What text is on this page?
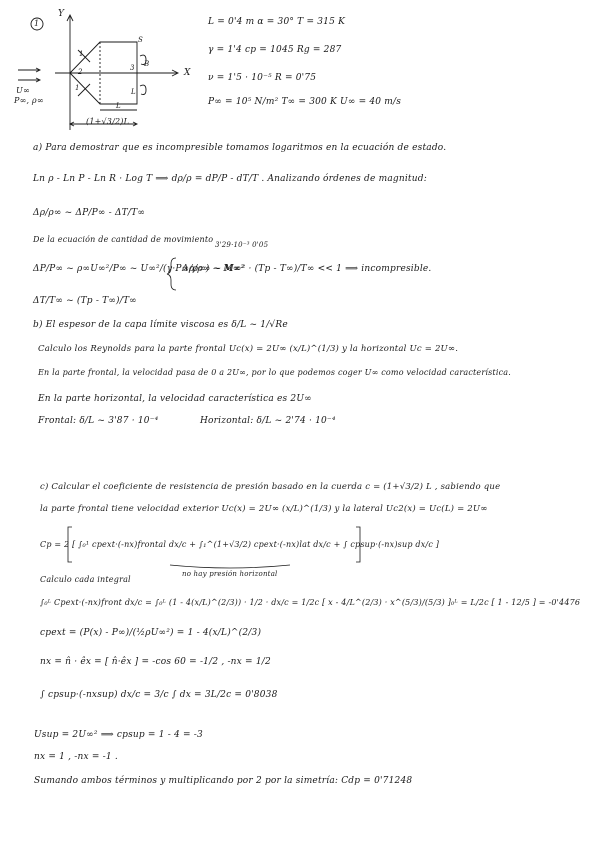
1
Y
X
U∞
P∞, ρ∞
1
1
2	3
L
S
B
L
(1+√3/2)L
L = 0'4 m α = 30° T = 315 K
γ = 1'4 cp = 1045 Rg = 287
ν = 1'5 · 10⁻⁵ R = 0'75
P∞ = 10⁵ N/m² T∞ = 300 K U∞ = 40 m/s
a) Para demostrar que es incompresible tomamos logaritmos en la ecuación de estado.
Ln ρ - Ln P - Ln R · Log T ⟹ dρ/ρ = dP/P - dT/T . Analizando órdenes de magnitud:
Δρ/ρ∞ ~ ΔP/P∞ - ΔT/T∞
De la ecuación de cantidad de movimiento
ΔP/P∞ ~ ρ∞U∞²/P∞ ~ U∞²/(γ·P∞/ρ∞) ~ M∞²
3'29·10⁻³ 0'05
Δρ/ρ∞ ~ M∞² · (Tp - T∞)/T∞ << 1 ⟹ incompresible.
ΔT/T∞ ~ (Tp - T∞)/T∞
b) El espesor de la capa límite viscosa es δ/L ~ 1/√Re
Calculo los Reynolds para la parte frontal Uc(x) = 2U∞ (x/L)^(1/3) y la horizontal Uc = 2U∞.
En la parte frontal, la velocidad pasa de 0 a 2U∞, por lo que podemos coger U∞ como velocidad característica.
En la parte horizontal, la velocidad característica es 2U∞
Frontal: δ/L ~ 3'87 · 10⁻⁴	Horizontal: δ/L ~ 2'74 · 10⁻⁴
c) Calcular el coeficiente de resistencia de presión basado en la cuerda c = (1+√3/2) L , sabiendo que
la parte frontal tiene velocidad exterior Uc(x) = 2U∞ (x/L)^(1/3) y la lateral Uc2(x) = Uc(L) = 2U∞
Cp = 2 [ ∫₀¹ cpext·(-nx)frontal dx/c + ∫₁^(1+√3/2) cpext·(-nx)lat dx/c + ∫ cpsup·(-nx)sup dx/c ]
no hay presión horizontal
Calculo cada integral
∫₀ᴸ Cpext·(-nx)front dx/c = ∫₀ᴸ (1 - 4(x/L)^(2/3)) · 1/2 · dx/c = 1/2c [ x - 4/L^(2/3) · x^(5/3)/(5/3) ]₀ᴸ = L/2c [ 1 - 12/5 ] = -0'4476
cpext = (P(x) - P∞)/(½ρU∞²) = 1 - 4(x/L)^(2/3)
nx = n̂ · êx = [ n̂·êx ] = -cos 60 = -1/2 , -nx = 1/2
∫ cpsup·(-nxsup) dx/c = 3/c ∫ dx = 3L/2c = 0'8038
Usup = 2U∞² ⟹ cpsup = 1 - 4 = -3
nx = 1 , -nx = -1 .
Sumando ambos términos y multiplicando por 2 por la simetría: Cdp = 0'71248
